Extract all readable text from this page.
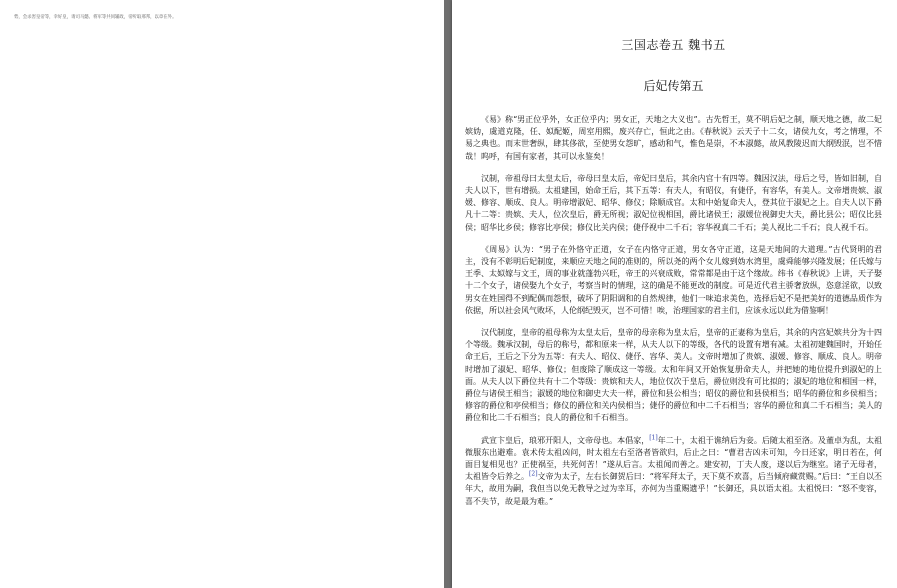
势，会杀害皇帝等，幸好皇，请司马懿、将军等共同辅政，帝听取邢邦，以章在外。

三国志卷五 魏书五
后妃传第五

《易》称“男正位乎外，女正位乎内；男女正，天地之大义也”。古先哲王，莫不明后妃之制，顺天地之德，故二妃嫔妫，虞道克隆，任、姒配姬，周室用熙，废兴存亡，恒此之由。《春秋说》云天子十二女，诸侯九女，考之情理，不易之典也。而末世奢纵，肆其侈欲，至使男女怨旷，感动和气，惟色是崇，不本淑懿，故风教陵迟而大纲毁泯，岂不惜哉！呜呼，有国有家者，其可以永鉴矣！

汉制，帝祖母曰太皇太后，帝母曰皇太后，帝妃曰皇后，其余内官十有四等。魏因汉法，母后之号，皆如旧制，自夫人以下，世有增损。太祖建国，始命王后，其下五等：有夫人，有昭仪，有倢伃，有容华，有美人。文帝增贵嫔、淑媛、修容、顺成、良人。明帝增淑妃、昭华、修仪；除顺成官。太和中始复命夫人，登其位于淑妃之上。自夫人以下爵凡十二等：贵嫔、夫人，位次皇后，爵无所视；淑妃位视相国，爵比诸侯王；淑媛位视御史大夫，爵比县公；昭仪比县侯；昭华比乡侯；修容比亭侯；修仪比关内侯；倢伃视中二千石；容华视真二千石；美人视比二千石；良人视千石。

《周易》认为：“男子在外恪守正道，女子在内恪守正道，男女各守正道，这是天地间的大道理。”古代贤明的君主，没有不彰明后妃制度，来顺应天地之间的准则的，所以尧的两个女儿嫁到妫水湾里，虞舜能够兴隆发展；任氏嫁与王季、太姒嫁与文王，周的事业就蓬勃兴旺，帝王的兴衰成败，常常都是由于这个缘故。纬书《春秋说》上讲，天子娶十二个女子，诸侯娶九个女子，考察当时的情理，这的确是不能更改的制度。可是近代君主骄奢放纵，恣意淫欲，以致男女在姓国得不到配偶而怨恨，破坏了阴阳调和的自然规律，他们一味追求美色，选择后妃不是把美好的道德品质作为依据，所以社会风气败坏，人伦纲纪毁灭，岂不可惜！唉，治理国家的君主们，应该永远以此为借鉴啊！

汉代制度，皇帝的祖母称为太皇太后，皇帝的母亲称为皇太后，皇帝的正妻称为皇后，其余的内宫妃嫔共分为十四个等级。魏承汉制，母后的称号，都和原来一样，从夫人以下的等级，各代的设置有增有减。太祖初建魏国时，开始任命王后，王后之下分为五等：有夫人、昭仪、倢伃、容华、美人。文帝时增加了贵嫔、淑媛、修容、顺成、良人。明帝时增加了淑妃、昭华、修仪；但废除了顺成这一等级。太和年间又开始恢复册命夫人，并把她的地位提升到淑妃的上面。从夫人以下爵位共有十二个等级：贵嫔和夫人，地位仅次于皇后，爵位则没有可比拟的；淑妃的地位和相国一样，爵位与诸侯王相当；淑媛的地位和御史大夫一样，爵位和县公相当；昭仪的爵位和县侯相当；昭华的爵位和乡侯相当；修容的爵位和亭侯相当；修仪的爵位和关内侯相当；倢伃的爵位和中二千石相当；容华的爵位和真二千石相当；美人的爵位和比二千石相当；良人的爵位和千石相当。

武宣卞皇后，琅邪开阳人，文帝母也。本倡家，[1]年二十，太祖于谯纳后为妾。后随太祖至洛。及董卓为乱，太祖微服东出避难。袁术传太祖凶问，时太祖左右至洛者皆欲归，后止之曰：“曹君吉凶未可知，今日还家，明日若在，何面目复相见也？正使祸至，共死何苦！”遂从后言。太祖闻而善之。建安初，丁夫人废，遂以后为继室。诸子无母者，太祖皆令后养之。[2]文帝为太子，左右长御贺后曰：“将军拜太子，天下莫不欢喜，后当倾府藏赏赐。”后曰：“王自以丕年大，故用为嗣，我但当以免无教导之过为幸耳，亦何为当重赐遗乎！”长御还，具以语太祖。太祖悦曰：“怒不变容，喜不失节，故是最为难。”
